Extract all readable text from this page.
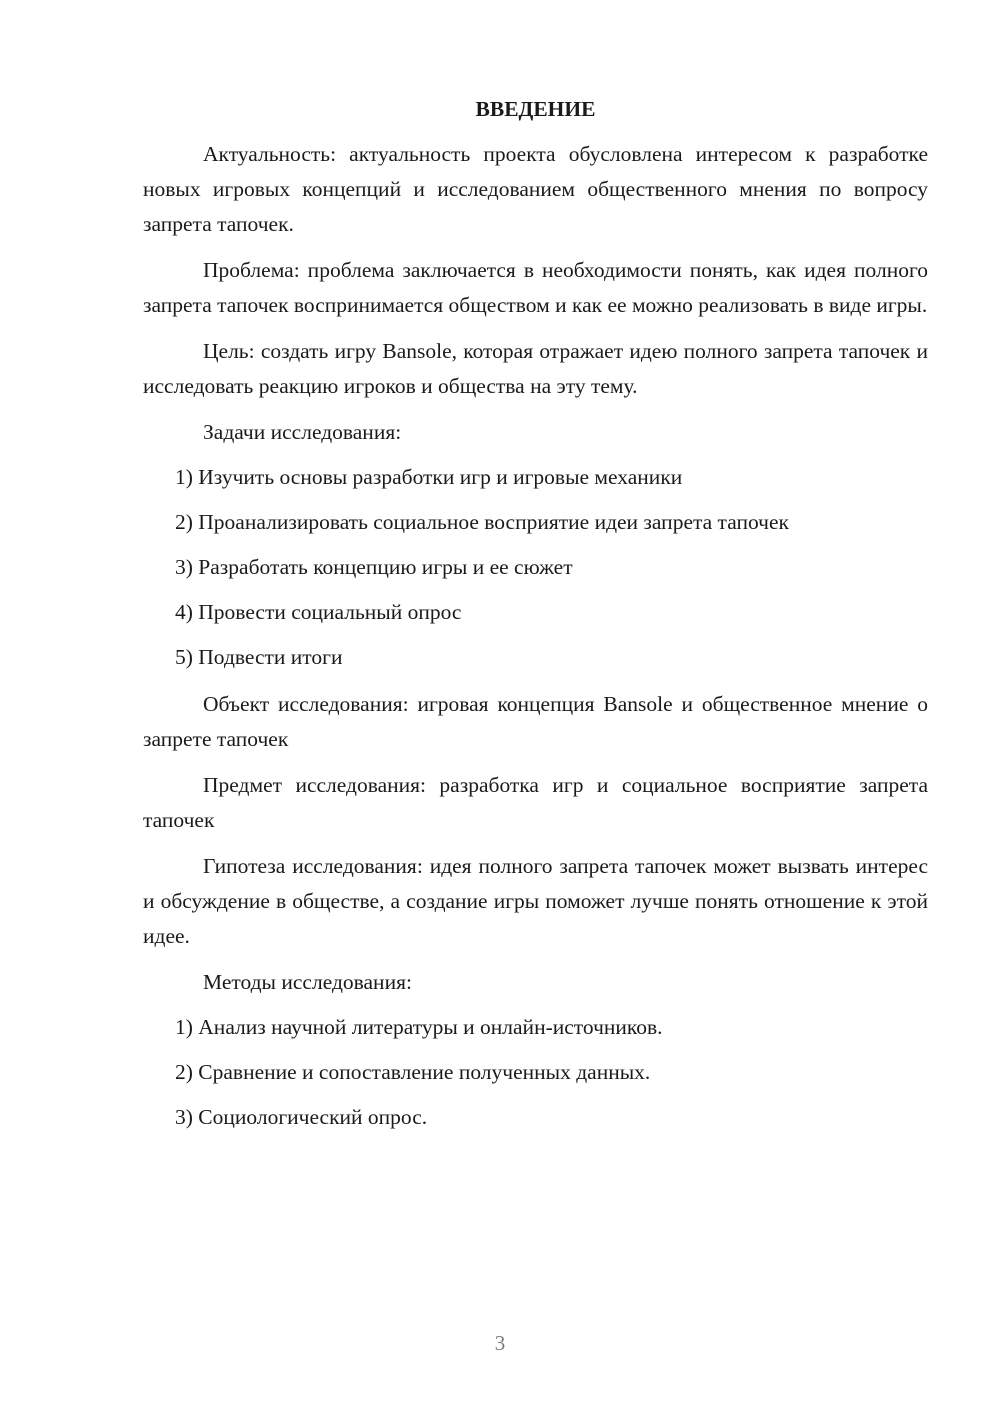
ВВЕДЕНИЕ

Актуальность: актуальность проекта обусловлена интересом к разработке новых игровых концепций и исследованием общественного мнения по вопросу запрета тапочек.

Проблема: проблема заключается в необходимости понять, как идея полного запрета тапочек воспринимается обществом и как ее можно реализовать в виде игры.

Цель: создать игру Bansole, которая отражает идею полного запрета тапочек и исследовать реакцию игроков и общества на эту тему.

Задачи исследования:
1) Изучить основы разработки игр и игровые механики
2) Проанализировать социальное восприятие идеи запрета тапочек
3) Разработать концепцию игры и ее сюжет
4) Провести социальный опрос
5) Подвести итоги

Объект исследования: игровая концепция Bansole и общественное мнение о запрете тапочек

Предмет исследования: разработка игр и социальное восприятие запрета тапочек

Гипотеза исследования: идея полного запрета тапочек может вызвать интерес и обсуждение в обществе, а создание игры поможет лучше понять отношение к этой идее.

Методы исследования:
1) Анализ научной литературы и онлайн-источников.
2) Сравнение и сопоставление полученных данных.
3) Социологический опрос.
3
